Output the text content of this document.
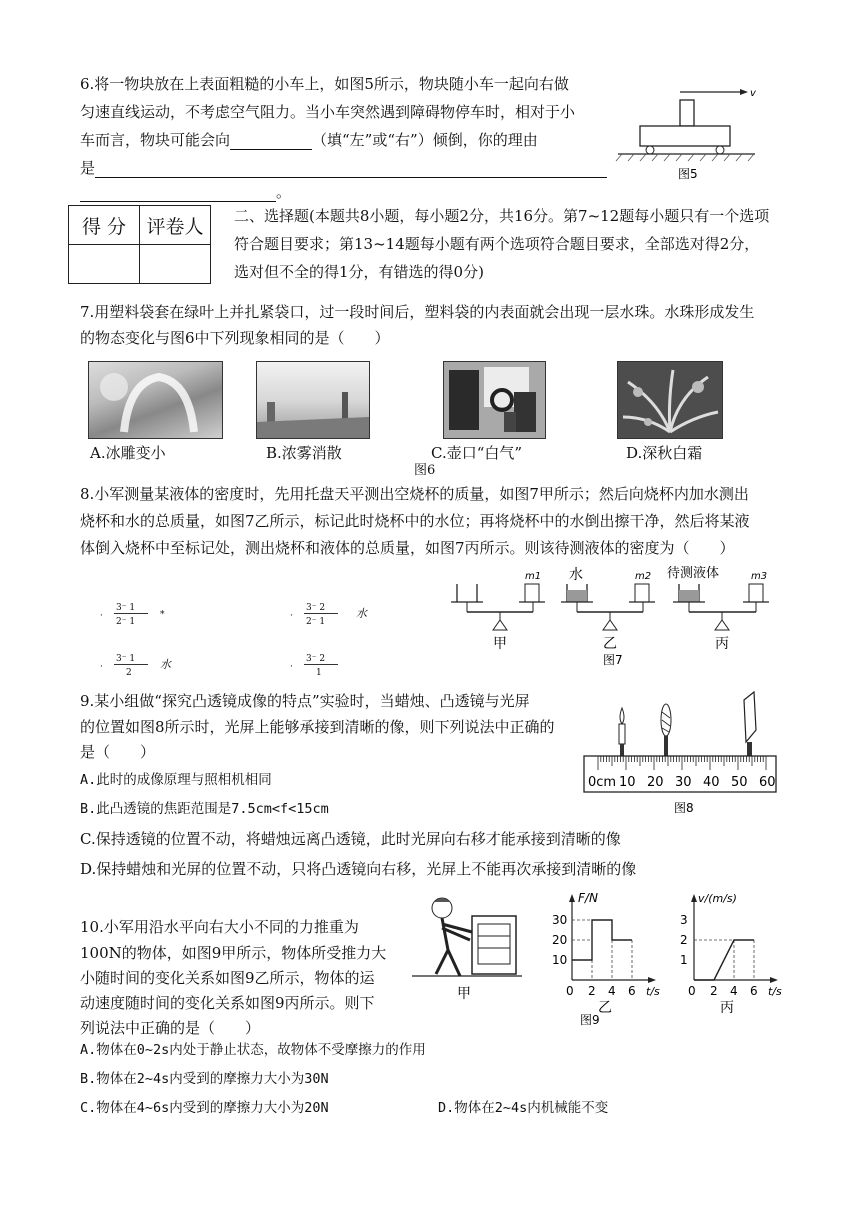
6.将一物块放在上表面粗糙的小车上，如图5所示，物块随小车一起向右做
匀速直线运动，不考虑空气阻力。当小车突然遇到障碍物停车时，相对于小
车而言，物块可能会向	（填“左”或“右”）倾倒，你的理由
是
。
v
图5
得 分	评卷人
	二、选择题(本题共8小题，每小题2分，共16分。第7~12题每小题只有一个选项
符合题目要求；第13~14题每小题有两个选项符合题目要求，全部选对得2分，
选对但不全的得1分，有错选的得0分)
7.用塑料袋套在绿叶上并扎紧袋口，过一段时间后，塑料袋的内表面就会出现一层水珠。水珠形成发生
的物态变化与图6中下列现象相同的是（　　）
A.冰雕变小	B.浓雾消散	C.壶口“白气”	D.深秋白霜
图6
8.小军测量某液体的密度时，先用托盘天平测出空烧杯的质量，如图7甲所示；然后向烧杯内加水测出
烧杯和水的总质量，如图7乙所示，标记此时烧杯中的水位；再将烧杯中的水倒出擦干净，然后将某液
体倒入烧杯中至标记处，测出烧杯和液体的总质量，如图7丙所示。则该待测液体的密度为（　　）
·
3⁻ 1
2⁻ 1
*	·
3⁻ 2
2⁻ 1
水
·
3⁻ 1
2
水	·
3⁻ 2
1
m1
甲
水	m2
乙
待测液体	m3
丙
图7
9.某小组做“探究凸透镜成像的特点”实验时，当蜡烛、凸透镜与光屏
的位置如图8所示时，光屏上能够承接到清晰的像，则下列说法中正确的
是（　　）
A.此时的成像原理与照相机相同
B.此凸透镜的焦距范围是7.5cm<f<15cm
C.保持透镜的位置不动，将蜡烛远离凸透镜，此时光屏向右移才能承接到清晰的像
D.保持蜡烛和光屏的位置不动，只将凸透镜向右移，光屏上不能再次承接到清晰的像
0cm 10 20 30 40 50 60
图8
10.小军用沿水平向右大小不同的力推重为
100N的物体，如图9甲所示，物体所受推力大
小随时间的变化关系如图9乙所示，物体的运
动速度随时间的变化关系如图9丙所示。则下
列说法中正确的是（　　）
A.物体在0~2s内处于静止状态，故物体不受摩擦力的作用
B.物体在2~4s内受到的摩擦力大小为30N
C.物体在4~6s内受到的摩擦力大小为20N	D.物体在2~4s内机械能不变
甲
F/N
t/s
10
20
30
0 2 4 6
乙
v/(m/s)
t/s
1
2
3
0 2 4 6
丙
图9
